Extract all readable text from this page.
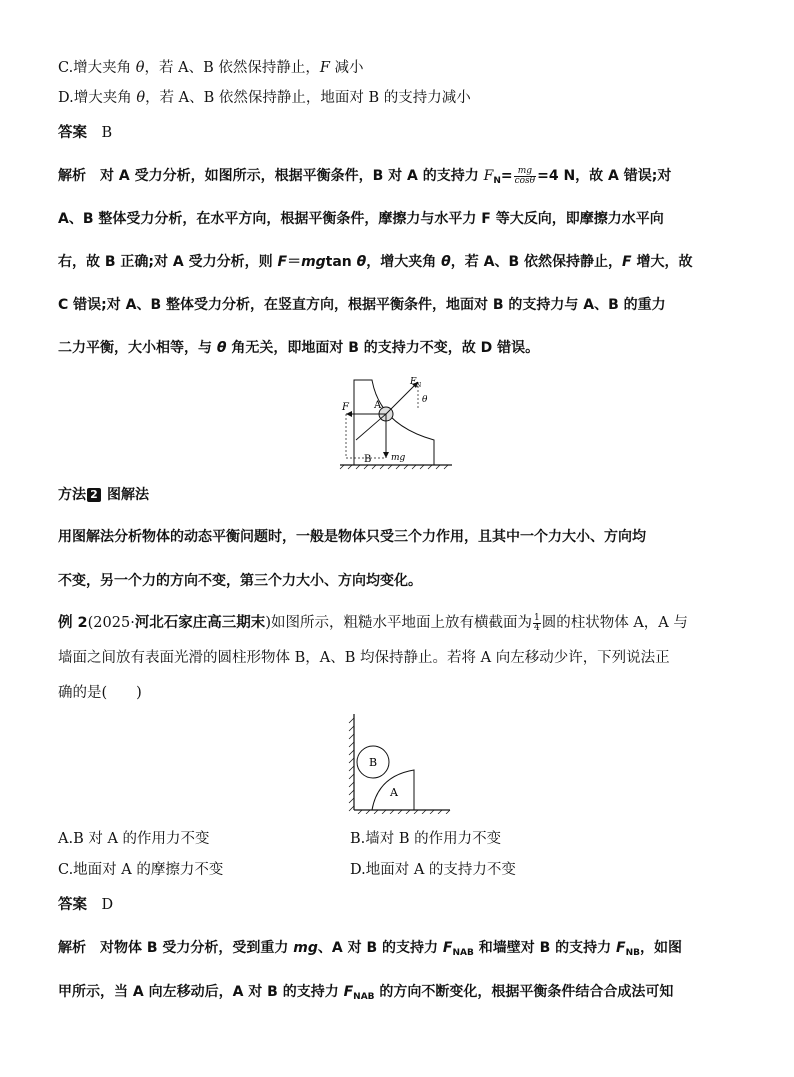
C.增大夹角 θ，若 A、B 依然保持静止，F 减小
D.增大夹角 θ，若 A、B 依然保持静止，地面对 B 的支持力减小
答案　 B
解析　 对 A 受力分析，如图所示，根据平衡条件，B 对 A 的支持力 $F_N= \frac{mg}{\cos\theta} =4$ N，故 A 错误;对
A、B 整体受力分析，在水平方向，根据平衡条件，摩擦力与水平力 F 等大反向，即摩擦力水平向
右，故 B 正确;对 A 受力分析，则 F＝mgtan θ，增大夹角 θ，若 A、B 依然保持静止，F 增大，故
C 错误;对 A、B 整体受力分析，在竖直方向，根据平衡条件，地面对 B 的支持力与 A、B 的重力
二力平衡，大小相等，与 θ 角无关，即地面对 B 的支持力不变，故 D 错误。
F
F N
θ
A
B mg
方法 2 图解法
用图解法分析物体的动态平衡问题时，一般是物体只受三个力作用，且其中一个力大小、方向均
不变，另一个力的方向不变，第三个力大小、方向均变化。
例 2(2025·河北石家庄高三期末)如图所示，粗糙水平地面上放有横截面为 $\frac{1}{4}$ 圆的柱状物体 A，A 与
墙面之间放有表面光滑的圆柱形物体 B，A、B 均保持静止。若将 A 向左移动少许，下列说法正
确的是(　　)
B
A
A.B 对 A 的作用力不变	B.墙对 B 的作用力不变
C.地面对 A 的摩擦力不变	D.地面对 A 的支持力不变
答案　 D
解析　 对物体 B 受力分析，受到重力 mg、A 对 B 的支持力 $F_{NAB}$ 和墙壁对 B 的支持力 $F_{NB}$，如图
甲所示，当 A 向左移动后，A 对 B 的支持力 $F_{NAB}$ 的方向不断变化，根据平衡条件结合合成法可知
